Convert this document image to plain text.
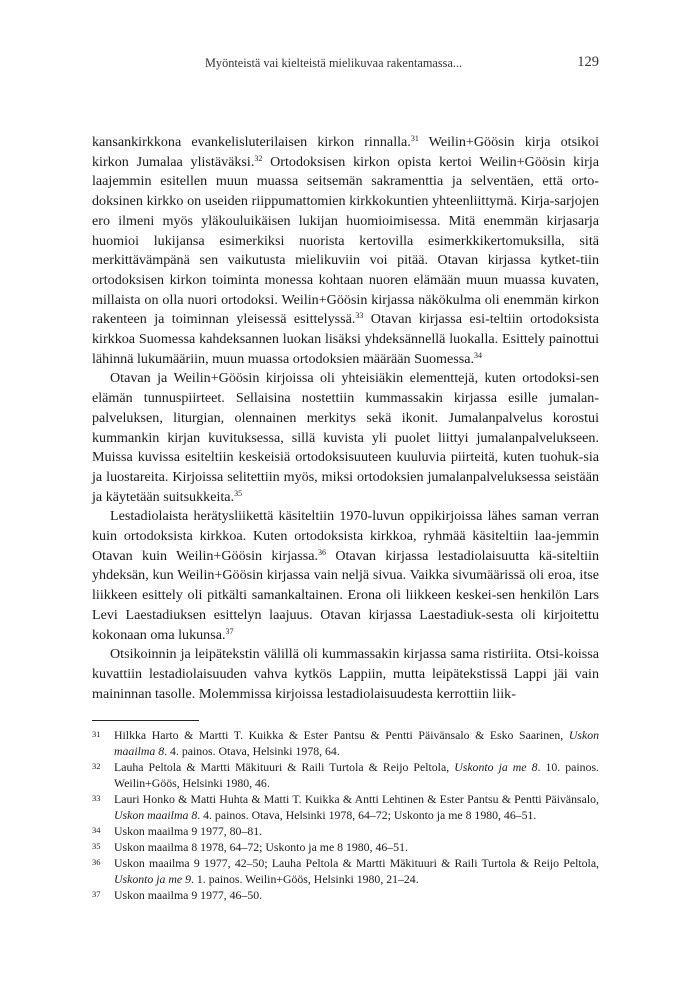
Myönteistä vai kielteistä mielikuvaa rakentamassa...	129

kansankirkkona evankelisluterilaisen kirkon rinnalla.$^{31}$ Weilin+Göösin kirja otsikoi kirkon Jumalaa ylistäväksi.$^{32}$ Ortodoksisen kirkon opista kertoi Weilin+Göösin kirja laajemmin esitellen muun muassa seitsemän sakramenttia ja selventäen, että orto-doksinen kirkko on useiden riippumattomien kirkkokuntien yhteenliittymä. Kirja-sarjojen ero ilmeni myös yläkouluikäisen lukijan huomioimisessa. Mitä enemmän kirjasarja huomioi lukijansa esimerkiksi nuorista kertovilla esimerkkikertomuksilla, sitä merkittävämpänä sen vaikutusta mielikuviin voi pitää. Otavan kirjassa kytket-tiin ortodoksisen kirkon toiminta monessa kohtaan nuoren elämään muun muassa kuvaten, millaista on olla nuori ortodoksi. Weilin+Göösin kirjassa näkökulma oli enemmän kirkon rakenteen ja toiminnan yleisessä esittelyssä.$^{33}$ Otavan kirjassa esi-teltiin ortodoksista kirkkoa Suomessa kahdeksannen luokan lisäksi yhdeksännellä luokalla. Esittely painottui lähinnä lukumääriin, muun muassa ortodoksien määrään Suomessa.$^{34}$

Otavan ja Weilin+Göösin kirjoissa oli yhteisiäkin elementtejä, kuten ortodoksi-sen elämän tunnuspiirteet. Sellaisina nostettiin kummassakin kirjassa esille jumalan-palveluksen, liturgian, olennainen merkitys sekä ikonit. Jumalanpalvelus korostui kummankin kirjan kuvituksessa, sillä kuvista yli puolet liittyi jumalanpalvelukseen. Muissa kuvissa esiteltiin keskeisiä ortodoksisuuteen kuuluvia piirteitä, kuten tuohuk-sia ja luostareita. Kirjoissa selitettiin myös, miksi ortodoksien jumalanpalveluksessa seistään ja käytetään suitsukkeita.$^{35}$

Lestadiolaista herätysliikettä käsiteltiin 1970-luvun oppikirjoissa lähes saman verran kuin ortodoksista kirkkoa. Kuten ortodoksista kirkkoa, ryhmää käsiteltiin laa-jemmin Otavan kuin Weilin+Göösin kirjassa.$^{36}$ Otavan kirjassa lestadiolaisuutta kä-siteltiin yhdeksän, kun Weilin+Göösin kirjassa vain neljä sivua. Vaikka sivumäärissä oli eroa, itse liikkeen esittely oli pitkälti samankaltainen. Erona oli liikkeen keskei-sen henkilön Lars Levi Laestadiuksen esittelyn laajuus. Otavan kirjassa Laestadiuk-sesta oli kirjoitettu kokonaan oma lukunsa.$^{37}$

Otsikoinnin ja leipätekstin välillä oli kummassakin kirjassa sama ristiriita. Otsi-koissa kuvattiin lestadiolaisuuden vahva kytkös Lappiin, mutta leipätekstissä Lappi jäi vain maininnan tasolle. Molemmissa kirjoissa lestadiolaisuudesta kerrottiin liik-

31	Hilkka Harto & Martti T. Kuikka & Ester Pantsu & Pentti Päivänsalo & Esko Saarinen, Uskon maailma 8. 4. painos. Otava, Helsinki 1978, 64.
32	Lauha Peltola & Martti Mäkituuri & Raili Turtola & Reijo Peltola, Uskonto ja me 8. 10. painos. Weilin+Göös, Helsinki 1980, 46.
33	Lauri Honko & Matti Huhta & Matti T. Kuikka & Antti Lehtinen & Ester Pantsu & Pentti Päivänsalo, Uskon maailma 8. 4. painos. Otava, Helsinki 1978, 64–72; Uskonto ja me 8 1980, 46–51.
34	Uskon maailma 9 1977, 80–81.
35	Uskon maailma 8 1978, 64–72; Uskonto ja me 8 1980, 46–51.
36	Uskon maailma 9 1977, 42–50; Lauha Peltola & Martti Mäkituuri & Raili Turtola & Reijo Peltola, Uskonto ja me 9. 1. painos. Weilin+Göös, Helsinki 1980, 21–24.
37	Uskon maailma 9 1977, 46–50.
